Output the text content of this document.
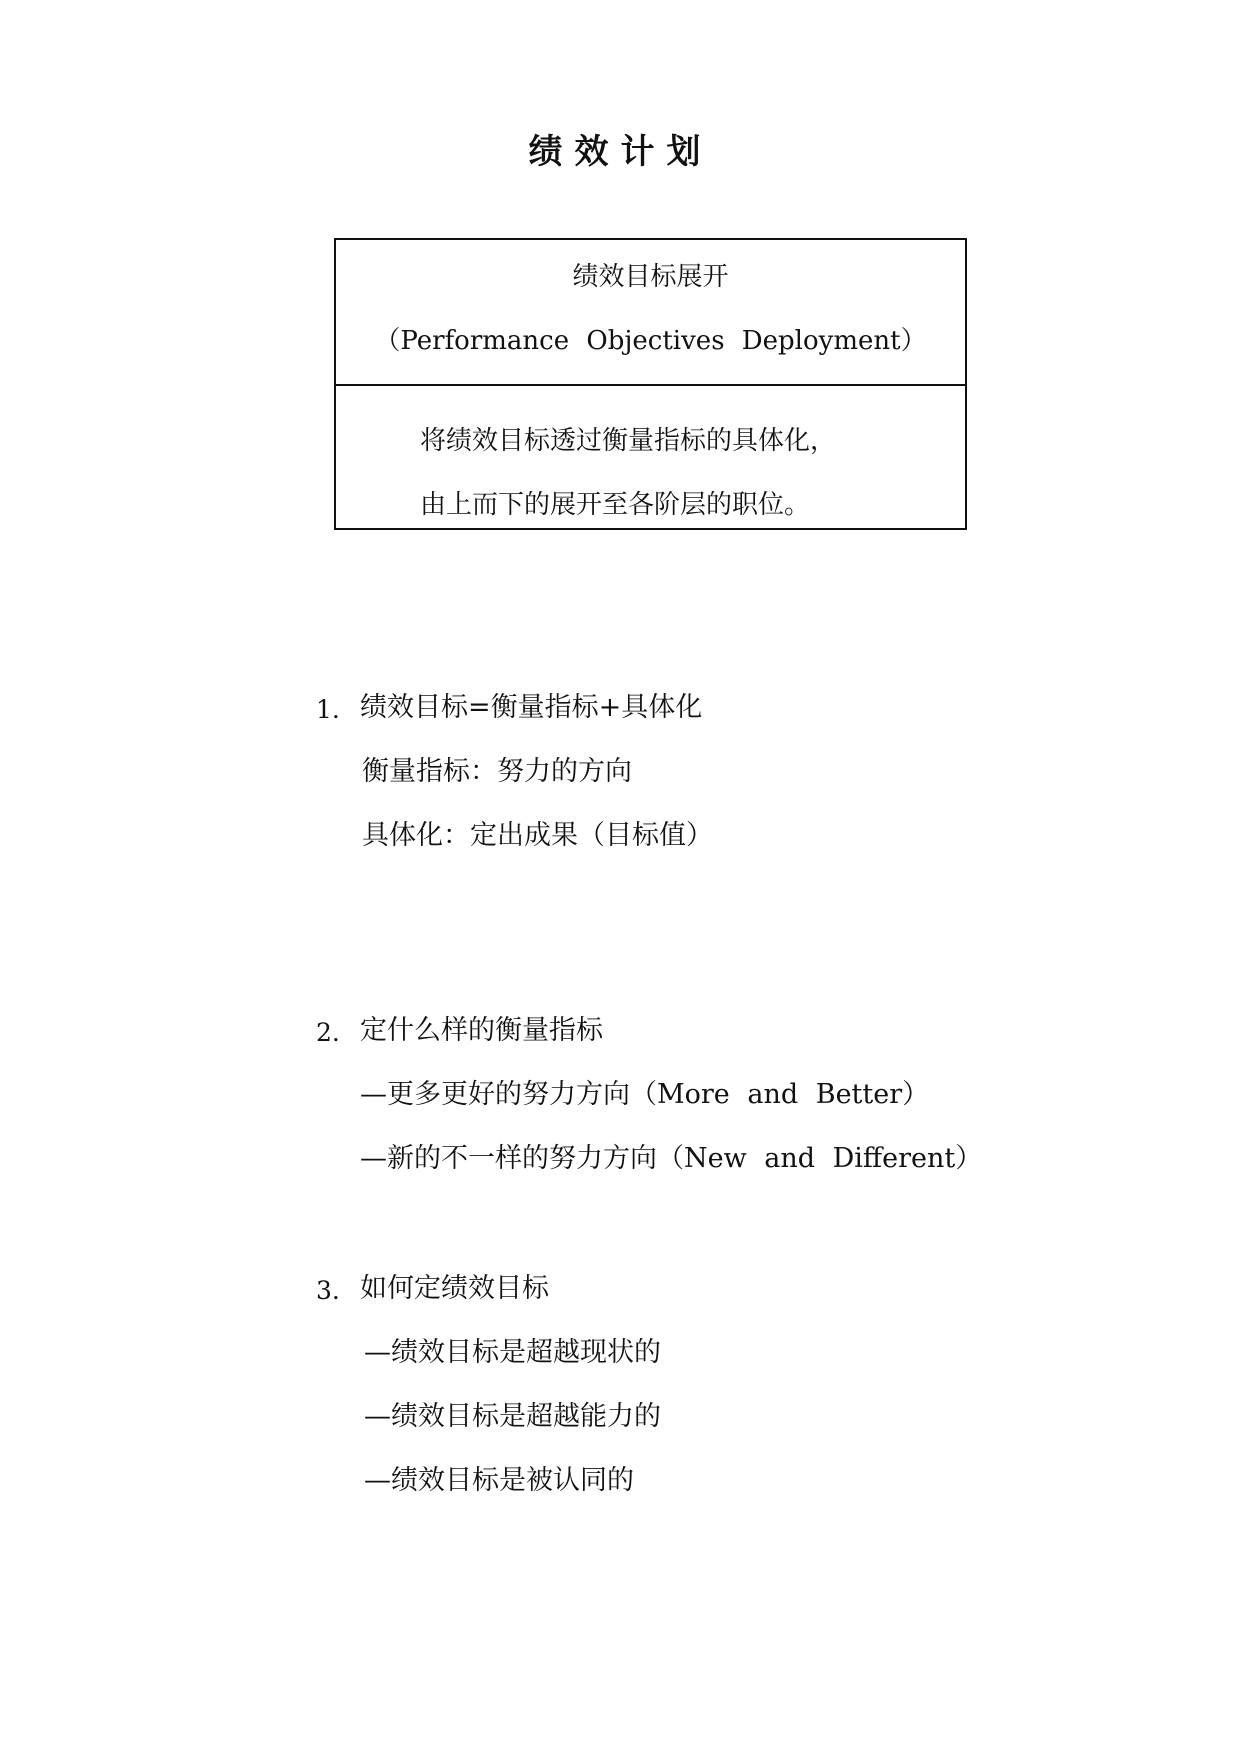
绩效计划
绩效目标展开
（Performance Objectives Deployment）
将绩效目标透过衡量指标的具体化，
由上而下的展开至各阶层的职位。
1. 绩效目标=衡量指标+具体化
衡量指标：努力的方向
具体化：定出成果（目标值）
2. 定什么样的衡量指标
—更多更好的努力方向（More and Better）
—新的不一样的努力方向（New and Different）
3. 如何定绩效目标
—绩效目标是超越现状的
—绩效目标是超越能力的
—绩效目标是被认同的
